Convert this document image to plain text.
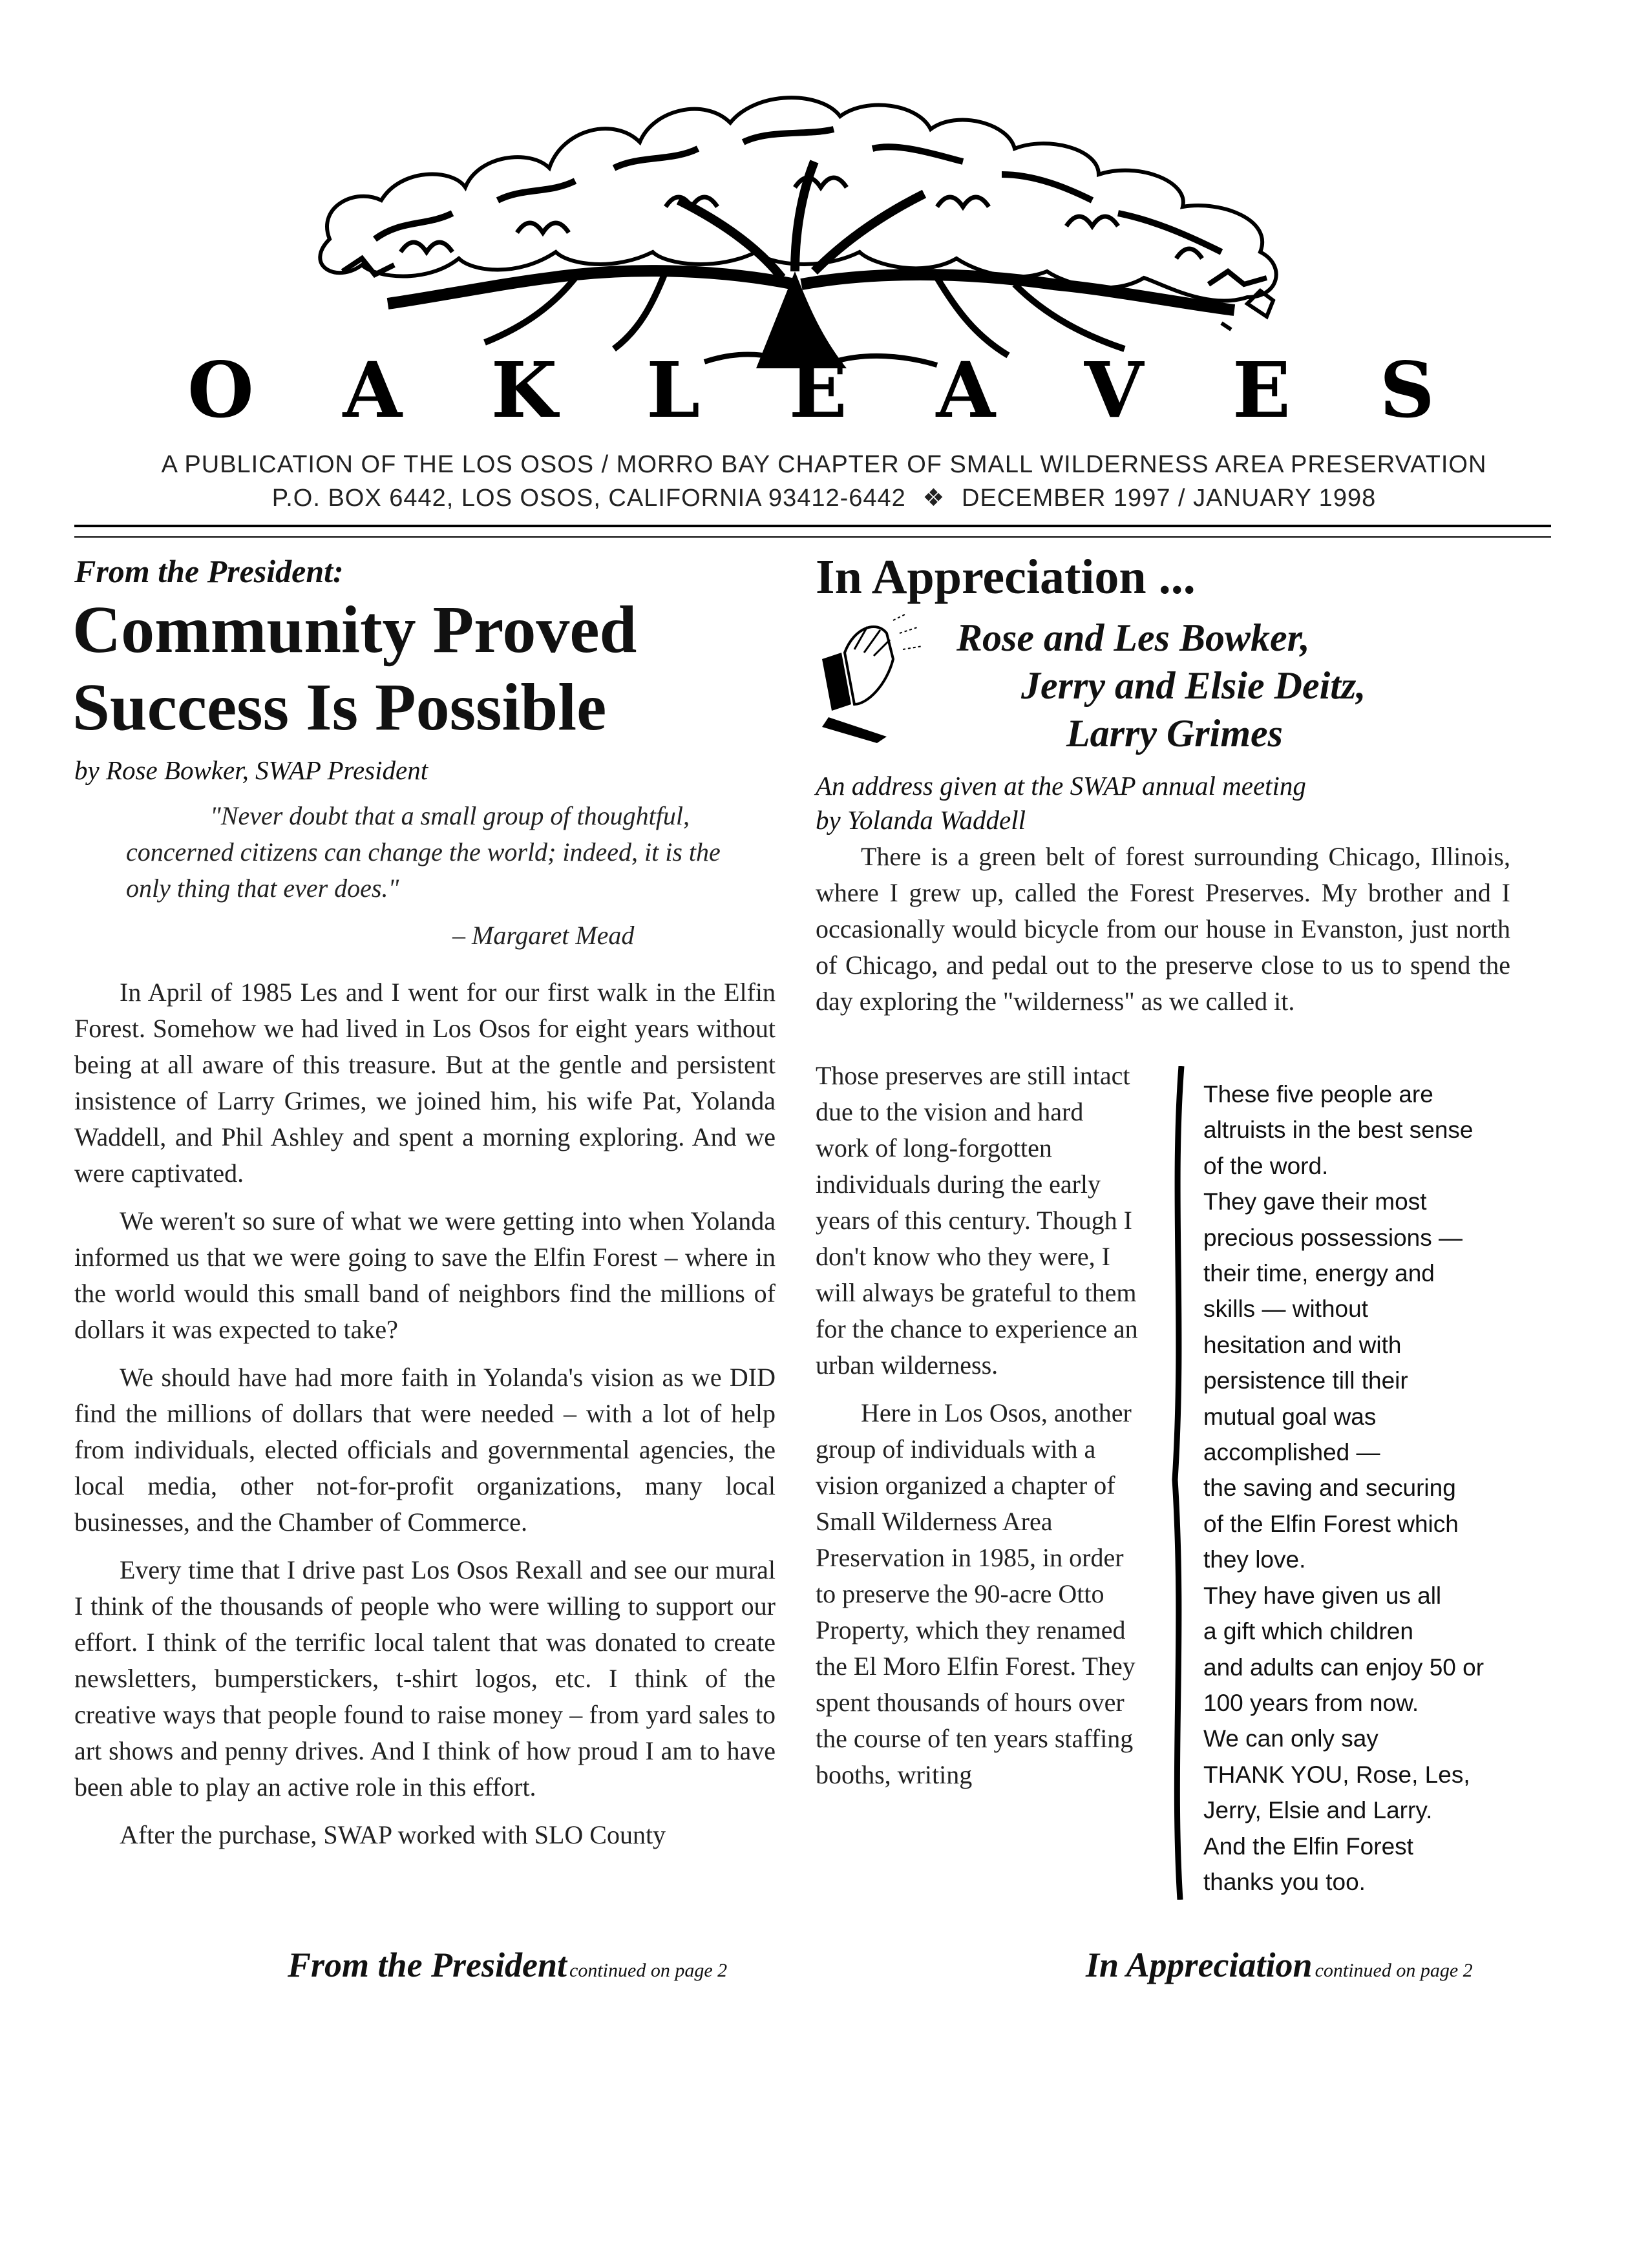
O A K L E A V E S
A PUBLICATION OF THE LOS OSOS / MORRO BAY CHAPTER OF SMALL WILDERNESS AREA PRESERVATION
P.O. BOX 6442, LOS OSOS, CALIFORNIA 93412-6442 ❖ DECEMBER 1997 / JANUARY 1998
From the President:
Community Proved
Success Is Possible
by Rose Bowker, SWAP President
"Never doubt that a small group of thoughtful, concerned citizens can change the world; indeed, it is the only thing that ever does."
– Margaret Mead

In April of 1985 Les and I went for our first walk in the Elfin Forest. Somehow we had lived in Los Osos for eight years without being at all aware of this treasure. But at the gentle and persistent insistence of Larry Grimes, we joined him, his wife Pat, Yolanda Waddell, and Phil Ashley and spent a morning exploring. And we were captivated.

We weren't so sure of what we were getting into when Yolanda informed us that we were going to save the Elfin Forest – where in the world would this small band of neighbors find the millions of dollars it was expected to take?

We should have had more faith in Yolanda's vision as we DID find the millions of dollars that were needed – with a lot of help from individuals, elected officials and governmental agencies, the local media, other not-for-profit organizations, many local businesses, and the Chamber of Commerce.

Every time that I drive past Los Osos Rexall and see our mural I think of the thousands of people who were willing to support our effort. I think of the terrific local talent that was donated to create newsletters, bumperstickers, t-shirt logos, etc. I think of the creative ways that people found to raise money – from yard sales to art shows and penny drives. And I think of how proud I am to have been able to play an active role in this effort.

After the purchase, SWAP worked with SLO County

From the President continued on page 2
In Appreciation ...
Rose and Les Bowker,
Jerry and Elsie Deitz,
Larry Grimes
An address given at the SWAP annual meeting
by Yolanda Waddell

There is a green belt of forest surrounding Chicago, Illinois, where I grew up, called the Forest Preserves. My brother and I occasionally would bicycle from our house in Evanston, just north of Chicago, and pedal out to the preserve close to us to spend the day exploring the "wilderness" as we called it.

Those preserves are still intact due to the vision and hard work of long-forgotten individuals during the early years of this century. Though I don't know who they were, I will always be grateful to them for the chance to experience an urban wilderness.

Here in Los Osos, another group of individuals with a vision organized a chapter of Small Wilderness Area Preservation in 1985, in order to preserve the 90-acre Otto Property, which they renamed the El Moro Elfin Forest. They spent thousands of hours over the course of ten years staffing booths, writing

These five people are
altruists in the best sense
of the word.
They gave their most
precious possessions —
their time, energy and
skills — without
hesitation and with
persistence till their
mutual goal was
accomplished —
the saving and securing
of the Elfin Forest which
they love.
They have given us all
a gift which children
and adults can enjoy 50 or
100 years from now.
We can only say
THANK YOU, Rose, Les,
Jerry, Elsie and Larry.
And the Elfin Forest
thanks you too.
In Appreciation continued on page 2
